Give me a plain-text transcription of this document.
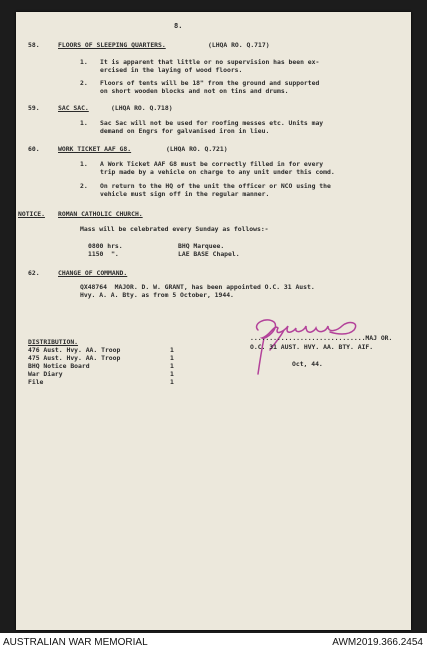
8.
58.	FLOORS OF SLEEPING QUARTERS.	(LHQA RO. Q.717)
1. It is apparent that little or no supervision has been ex-
ercised in the laying of wood floors.
2. Floors of tents will be 18" from the ground and supported
on short wooden blocks and not on tins and drums.
59.	SAC SAC.	(LHQA RO. Q.718)
1. Sac Sac will not be used for roofing messes etc. Units may
demand on Engrs for galvanised iron in lieu.
60.	WORK TICKET AAF G8.	(LHQA RO. Q.721)
1. A Work Ticket AAF G8 must be correctly filled in for every
trip made by a vehicle on charge to any unit under this comd.
2. On return to the HQ of the unit the officer or NCO using the
vehicle must sign off in the regular manner.
NOTICE. ROMAN CATHOLIC CHURCH.
Mass will be celebrated every Sunday as follows:-
0800 hrs.	BHQ Marquee.
1150  ".	LAE BASE Chapel.
62.	CHANGE OF COMMAND.
QX48764  MAJOR. D. W. GRANT, has been appointed O.C. 31 Aust.
Hvy. A. A. Bty. as from 5 October, 1944.
..............................MAJ OR.
O.C. 31 AUST. HVY. AA. BTY. AIF.
Oct, 44.
DISTRIBUTION.
476 Aust. Hvy. AA. Troop	1
475 Aust. Hvy. AA. Troop	1
BHQ Notice Board	1
War Diary	1
File	1
AUSTRALIAN WAR MEMORIAL	AWM2019.366.2454
